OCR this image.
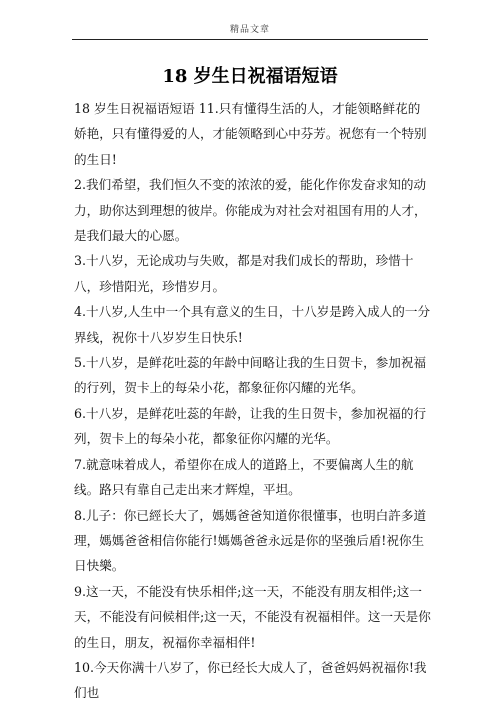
精品文章
18 岁生日祝福语短语

18 岁生日祝福语短语 11.只有懂得生活的人，才能领略鲜花的娇艳，只有懂得爱的人，才能领略到心中芬芳。祝您有一个特别的生日!

2.我们希望，我们恒久不变的浓浓的爱，能化作你发奋求知的动力，助你达到理想的彼岸。你能成为对社会对祖国有用的人才，是我们最大的心愿。

3.十八岁，无论成功与失败，都是对我们成长的帮助，珍惜十八，珍惜阳光，珍惜岁月。

4.十八岁,人生中一个具有意义的生日，十八岁是跨入成人的一分界线，祝你十八岁岁生日快乐!

5.十八岁，是鲜花吐蕊的年龄中间略让我的生日贺卡，参加祝福的行列，贺卡上的每朵小花，都象征你闪耀的光华。

6.十八岁，是鲜花吐蕊的年龄，让我的生日贺卡，参加祝福的行列，贺卡上的每朵小花，都象征你闪耀的光华。

7.就意味着成人，希望你在成人的道路上，不要偏离人生的航线。路只有靠自己走出来才辉煌，平坦。

8.儿子：你已經长大了，媽媽爸爸知道你很懂事，也明白許多道理，媽媽爸爸相信你能行!媽媽爸爸永远是你的坚強后盾!祝你生日快樂。

9.这一天，不能没有快乐相伴;这一天，不能没有朋友相伴;这一天，不能没有问候相伴;这一天，不能没有祝福相伴。这一天是你的生日，朋友，祝福你幸福相伴!

10.今天你满十八岁了，你已经长大成人了，爸爸妈妈祝福你!我们也
